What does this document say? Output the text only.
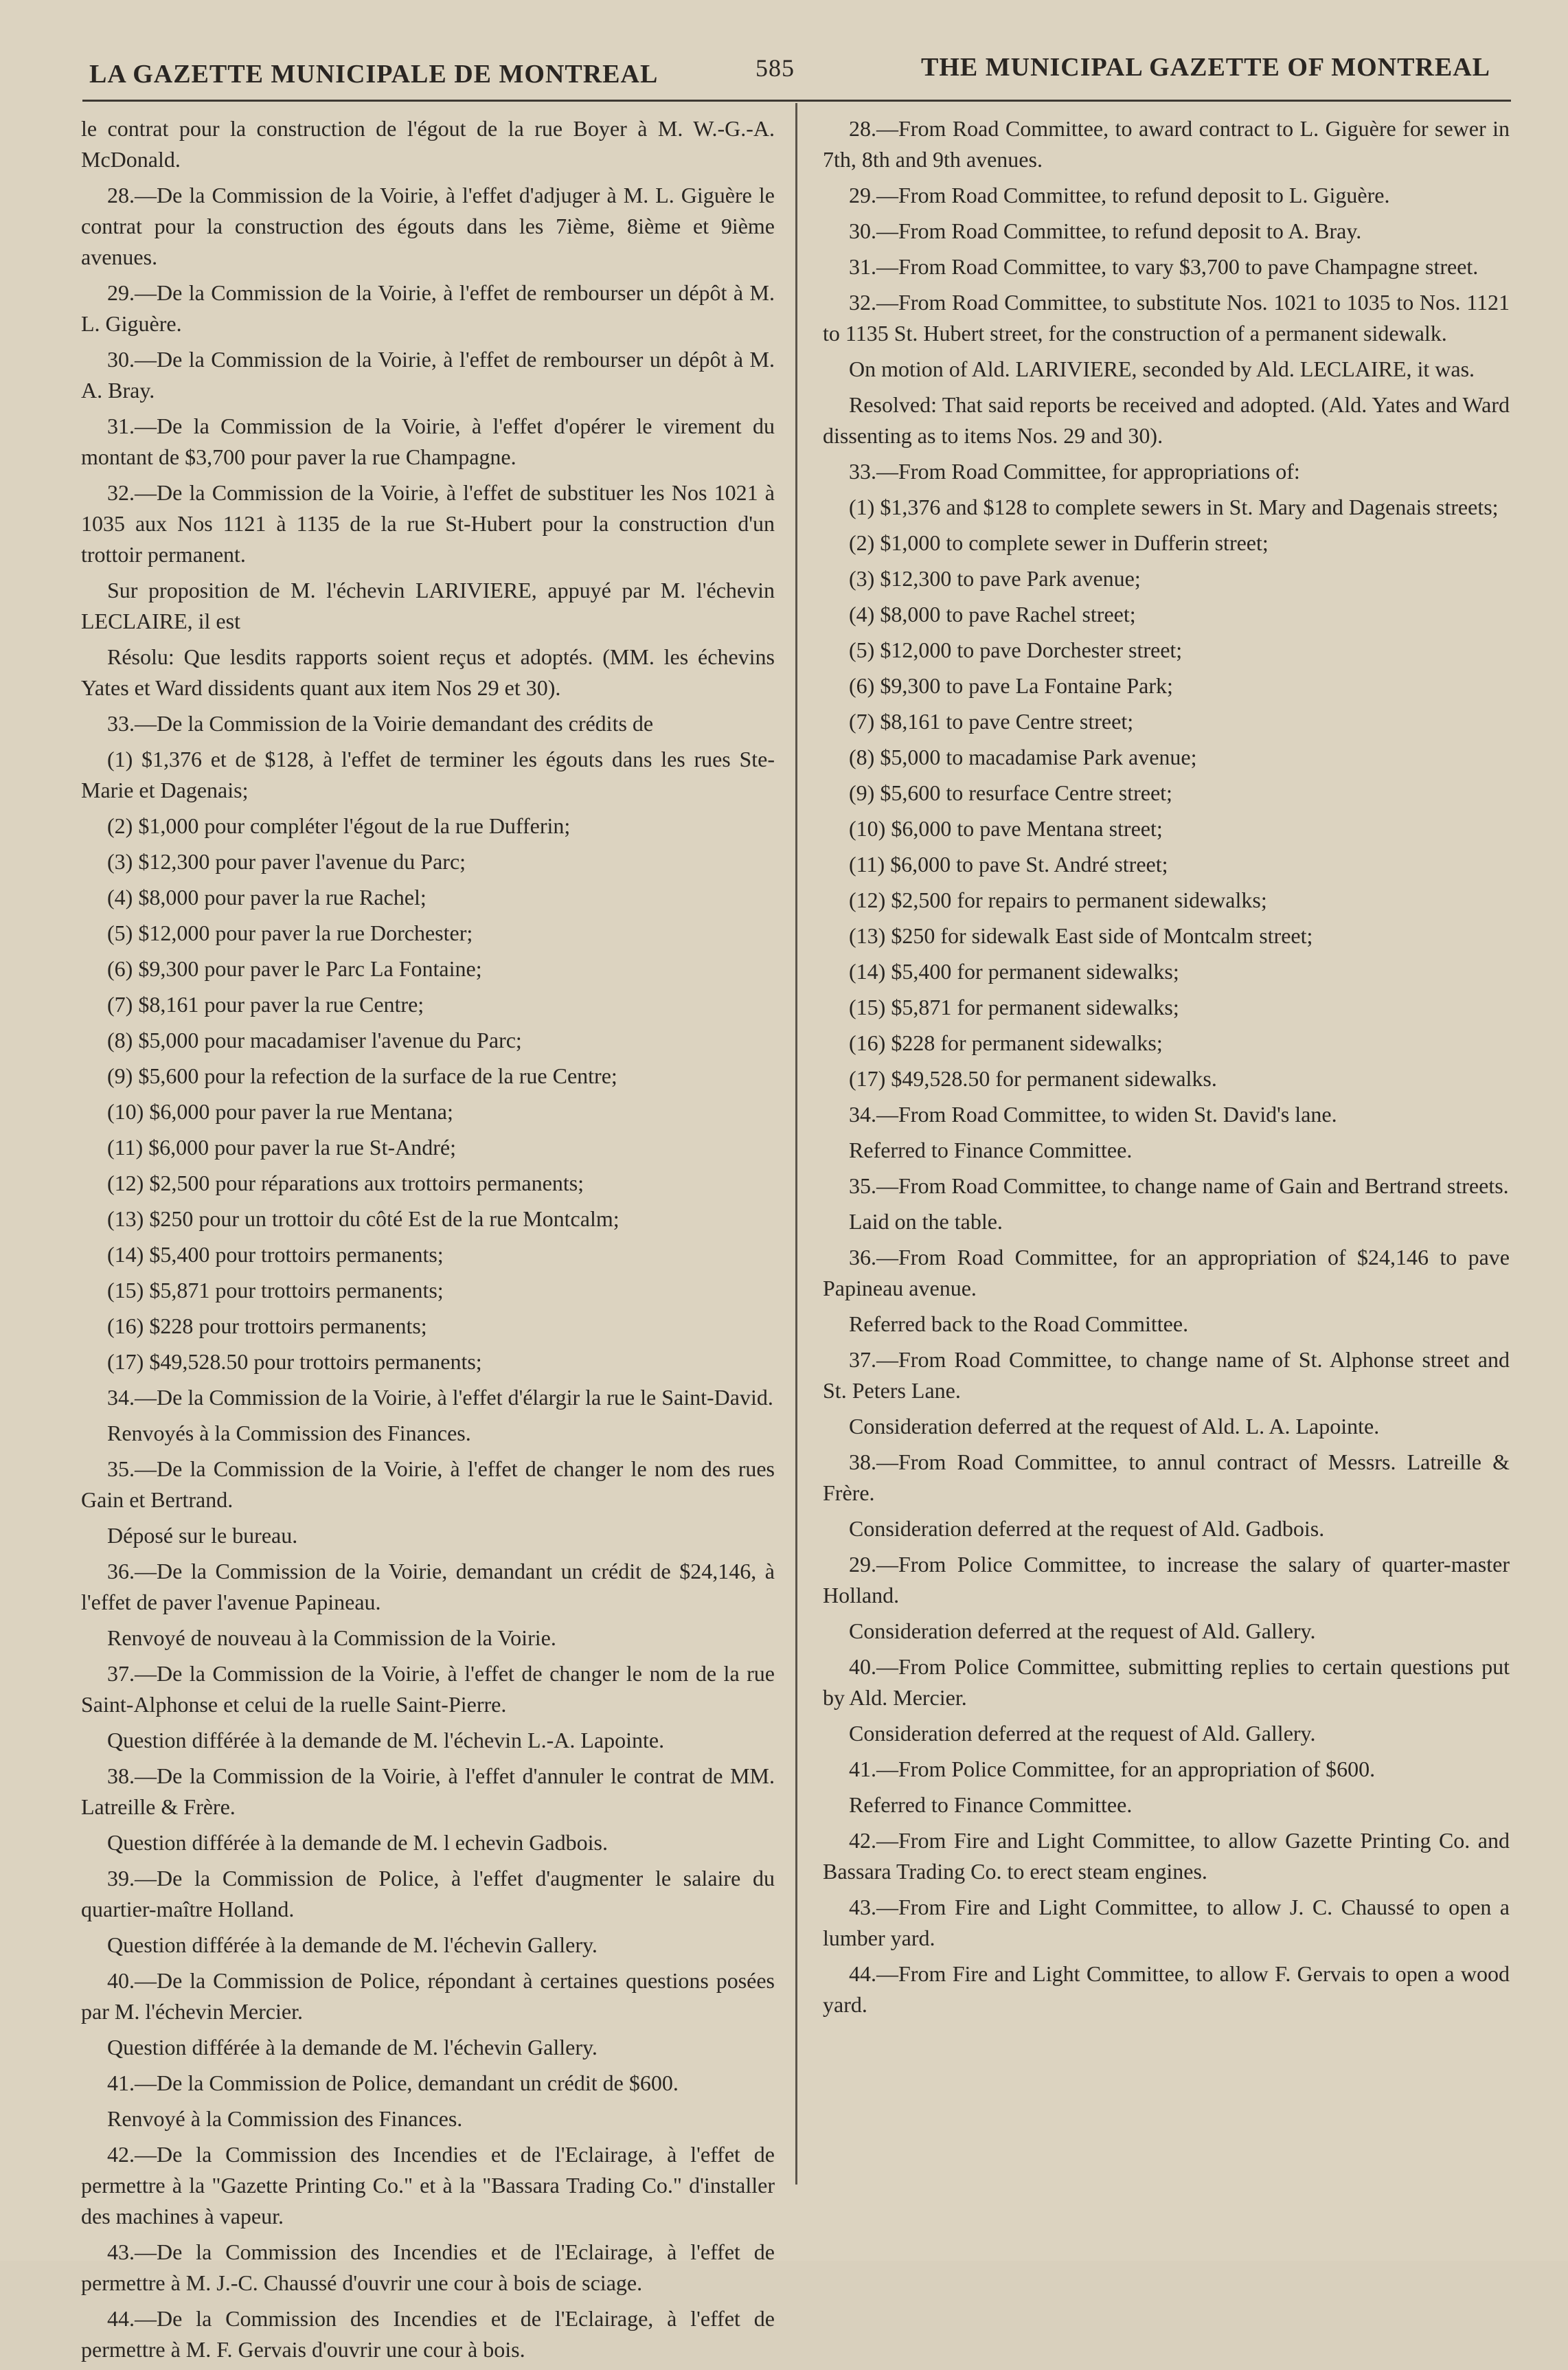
LA GAZETTE MUNICIPALE DE MONTREAL	585	THE MUNICIPAL GAZETTE OF MONTREAL

le contrat pour la construction de l'égout de la rue Boyer à M. W.-G.-A. McDonald.

28.—De la Commission de la Voirie, à l'effet d'adjuger à M. L. Giguère le contrat pour la construction des égouts dans les 7ième, 8ième et 9ième avenues.

29.—De la Commission de la Voirie, à l'effet de rembourser un dépôt à M. L. Giguère.

30.—De la Commission de la Voirie, à l'effet de rembourser un dépôt à M. A. Bray.

31.—De la Commission de la Voirie, à l'effet d'opérer le virement du montant de $3,700 pour paver la rue Champagne.

32.—De la Commission de la Voirie, à l'effet de substituer les Nos 1021 à 1035 aux Nos 1121 à 1135 de la rue St-Hubert pour la construction d'un trottoir permanent.

Sur proposition de M. l'échevin LARIVIERE, appuyé par M. l'échevin LECLAIRE, il est

Résolu: Que lesdits rapports soient reçus et adoptés. (MM. les échevins Yates et Ward dissidents quant aux item Nos 29 et 30).

33.—De la Commission de la Voirie demandant des crédits de

(1) $1,376 et de $128, à l'effet de terminer les égouts dans les rues Ste-Marie et Dagenais;

(2) $1,000 pour compléter l'égout de la rue Dufferin;

(3) $12,300 pour paver l'avenue du Parc;

(4) $8,000 pour paver la rue Rachel;

(5) $12,000 pour paver la rue Dorchester;

(6) $9,300 pour paver le Parc La Fontaine;

(7) $8,161 pour paver la rue Centre;

(8) $5,000 pour macadamiser l'avenue du Parc;

(9) $5,600 pour la refection de la surface de la rue Centre;

(10) $6,000 pour paver la rue Mentana;

(11) $6,000 pour paver la rue St-André;

(12) $2,500 pour réparations aux trottoirs permanents;

(13) $250 pour un trottoir du côté Est de la rue Montcalm;

(14) $5,400 pour trottoirs permanents;

(15) $5,871 pour trottoirs permanents;

(16) $228 pour trottoirs permanents;

(17) $49,528.50 pour trottoirs permanents;

34.—De la Commission de la Voirie, à l'effet d'élargir la rue le Saint-David.

Renvoyés à la Commission des Finances.

35.—De la Commission de la Voirie, à l'effet de changer le nom des rues Gain et Bertrand.

Déposé sur le bureau.

36.—De la Commission de la Voirie, demandant un crédit de $24,146, à l'effet de paver l'avenue Papineau.

Renvoyé de nouveau à la Commission de la Voirie.

37.—De la Commission de la Voirie, à l'effet de changer le nom de la rue Saint-Alphonse et celui de la ruelle Saint-Pierre.

Question différée à la demande de M. l'échevin L.-A. Lapointe.

38.—De la Commission de la Voirie, à l'effet d'annuler le contrat de MM. Latreille & Frère.

Question différée à la demande de M. l echevin Gadbois.

39.—De la Commission de Police, à l'effet d'augmenter le salaire du quartier-maître Holland.

Question différée à la demande de M. l'échevin Gallery.

40.—De la Commission de Police, répondant à certaines questions posées par M. l'échevin Mercier.

Question différée à la demande de M. l'échevin Gallery.

41.—De la Commission de Police, demandant un crédit de $600.

Renvoyé à la Commission des Finances.

42.—De la Commission des Incendies et de l'Eclairage, à l'effet de permettre à la "Gazette Printing Co." et à la "Bassara Trading Co." d'installer des machines à vapeur.

43.—De la Commission des Incendies et de l'Eclairage, à l'effet de permettre à M. J.-C. Chaussé d'ouvrir une cour à bois de sciage.

44.—De la Commission des Incendies et de l'Eclairage, à l'effet de permettre à M. F. Gervais d'ouvrir une cour à bois.

28.—From Road Committee, to award contract to L. Giguère for sewer in 7th, 8th and 9th avenues.

29.—From Road Committee, to refund deposit to L. Giguère.

30.—From Road Committee, to refund deposit to A. Bray.

31.—From Road Committee, to vary $3,700 to pave Champagne street.

32.—From Road Committee, to substitute Nos. 1021 to 1035 to Nos. 1121 to 1135 St. Hubert street, for the construction of a permanent sidewalk.

On motion of Ald. LARIVIERE, seconded by Ald. LECLAIRE, it was.

Resolved: That said reports be received and adopted. (Ald. Yates and Ward dissenting as to items Nos. 29 and 30).

33.—From Road Committee, for appropriations of:

(1) $1,376 and $128 to complete sewers in St. Mary and Dagenais streets;

(2) $1,000 to complete sewer in Dufferin street;

(3) $12,300 to pave Park avenue;

(4) $8,000 to pave Rachel street;

(5) $12,000 to pave Dorchester street;

(6) $9,300 to pave La Fontaine Park;

(7) $8,161 to pave Centre street;

(8) $5,000 to macadamise Park avenue;

(9) $5,600 to resurface Centre street;

(10) $6,000 to pave Mentana street;

(11) $6,000 to pave St. André street;

(12) $2,500 for repairs to permanent sidewalks;

(13) $250 for sidewalk East side of Montcalm street;

(14) $5,400 for permanent sidewalks;

(15) $5,871 for permanent sidewalks;

(16) $228 for permanent sidewalks;

(17) $49,528.50 for permanent sidewalks.

34.—From Road Committee, to widen St. David's lane.

Referred to Finance Committee.

35.—From Road Committee, to change name of Gain and Bertrand streets.

Laid on the table.

36.—From Road Committee, for an appropriation of $24,146 to pave Papineau avenue.

Referred back to the Road Committee.

37.—From Road Committee, to change name of St. Alphonse street and St. Peters Lane.

Consideration deferred at the request of Ald. L. A. Lapointe.

38.—From Road Committee, to annul contract of Messrs. Latreille & Frère.

Consideration deferred at the request of Ald. Gadbois.

29.—From Police Committee, to increase the salary of quarter-master Holland.

Consideration deferred at the request of Ald. Gallery.

40.—From Police Committee, submitting replies to certain questions put by Ald. Mercier.

Consideration deferred at the request of Ald. Gallery.

41.—From Police Committee, for an appropriation of $600.

Referred to Finance Committee.

42.—From Fire and Light Committee, to allow Gazette Printing Co. and Bassara Trading Co. to erect steam engines.

43.—From Fire and Light Committee, to allow J. C. Chaussé to open a lumber yard.

44.—From Fire and Light Committee, to allow F. Gervais to open a wood yard.
